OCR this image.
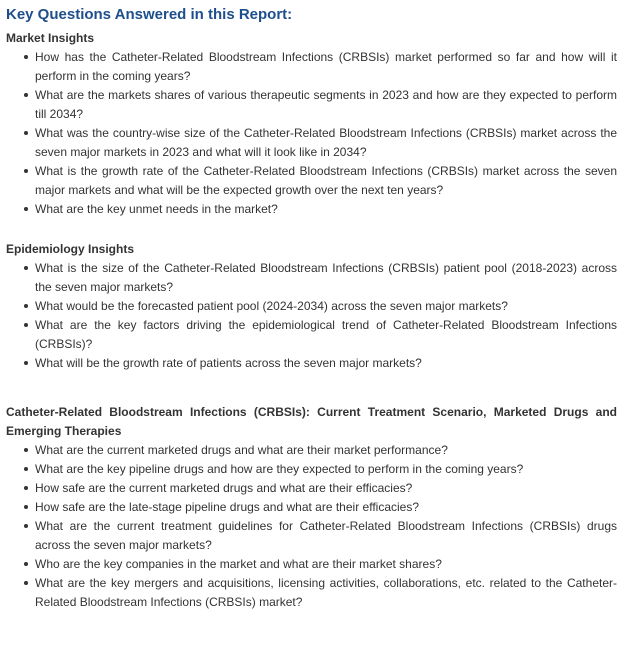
Key Questions Answered in this Report:
Market Insights
How has the Catheter-Related Bloodstream Infections (CRBSIs) market performed so far and how will it perform in the coming years?
What are the markets shares of various therapeutic segments in 2023 and how are they expected to perform till 2034?
What was the country-wise size of the Catheter-Related Bloodstream Infections (CRBSIs) market across the seven major markets in 2023 and what will it look like in 2034?
What is the growth rate of the Catheter-Related Bloodstream Infections (CRBSIs) market across the seven major markets and what will be the expected growth over the next ten years?
What are the key unmet needs in the market?
Epidemiology Insights
What is the size of the Catheter-Related Bloodstream Infections (CRBSIs) patient pool (2018-2023) across the seven major markets?
What would be the forecasted patient pool (2024-2034) across the seven major markets?
What are the key factors driving the epidemiological trend of Catheter-Related Bloodstream Infections (CRBSIs)?
What will be the growth rate of patients across the seven major markets?
Catheter-Related Bloodstream Infections (CRBSIs): Current Treatment Scenario, Marketed Drugs and Emerging Therapies
What are the current marketed drugs and what are their market performance?
What are the key pipeline drugs and how are they expected to perform in the coming years?
How safe are the current marketed drugs and what are their efficacies?
How safe are the late-stage pipeline drugs and what are their efficacies?
What are the current treatment guidelines for Catheter-Related Bloodstream Infections (CRBSIs) drugs across the seven major markets?
Who are the key companies in the market and what are their market shares?
What are the key mergers and acquisitions, licensing activities, collaborations, etc. related to the Catheter-Related Bloodstream Infections (CRBSIs) market?
